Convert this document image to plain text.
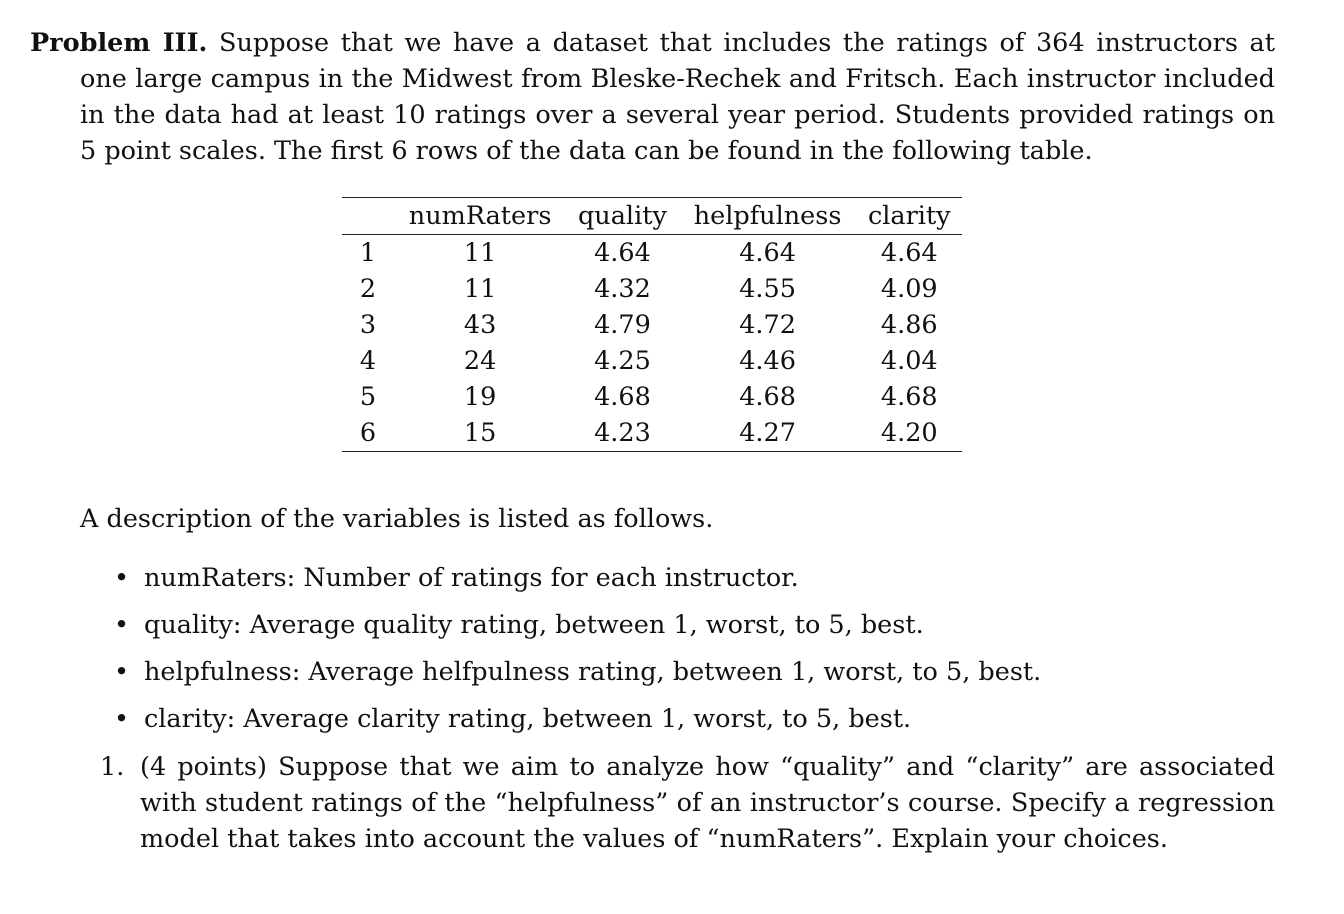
Problem III. Suppose that we have a dataset that includes the ratings of 364 instructors at one large campus in the Midwest from Bleske-Rechek and Fritsch. Each instructor included in the data had at least 10 ratings over a several year period. Students provided ratings on 5 point scales. The first 6 rows of the data can be found in the following table.
	numRaters	quality	helpfulness	clarity
1	11	4.64	4.64	4.64
2	11	4.32	4.55	4.09
3	43	4.79	4.72	4.86
4	24	4.25	4.46	4.04
5	19	4.68	4.68	4.68
6	15	4.23	4.27	4.20
A description of the variables is listed as follows.
• numRaters: Number of ratings for each instructor.
• quality: Average quality rating, between 1, worst, to 5, best.
• helpfulness: Average helfpulness rating, between 1, worst, to 5, best.
• clarity: Average clarity rating, between 1, worst, to 5, best.
1. (4 points) Suppose that we aim to analyze how “quality” and “clarity” are associated with student ratings of the “helpfulness” of an instructor’s course. Specify a regression model that takes into account the values of “numRaters”. Explain your choices.
